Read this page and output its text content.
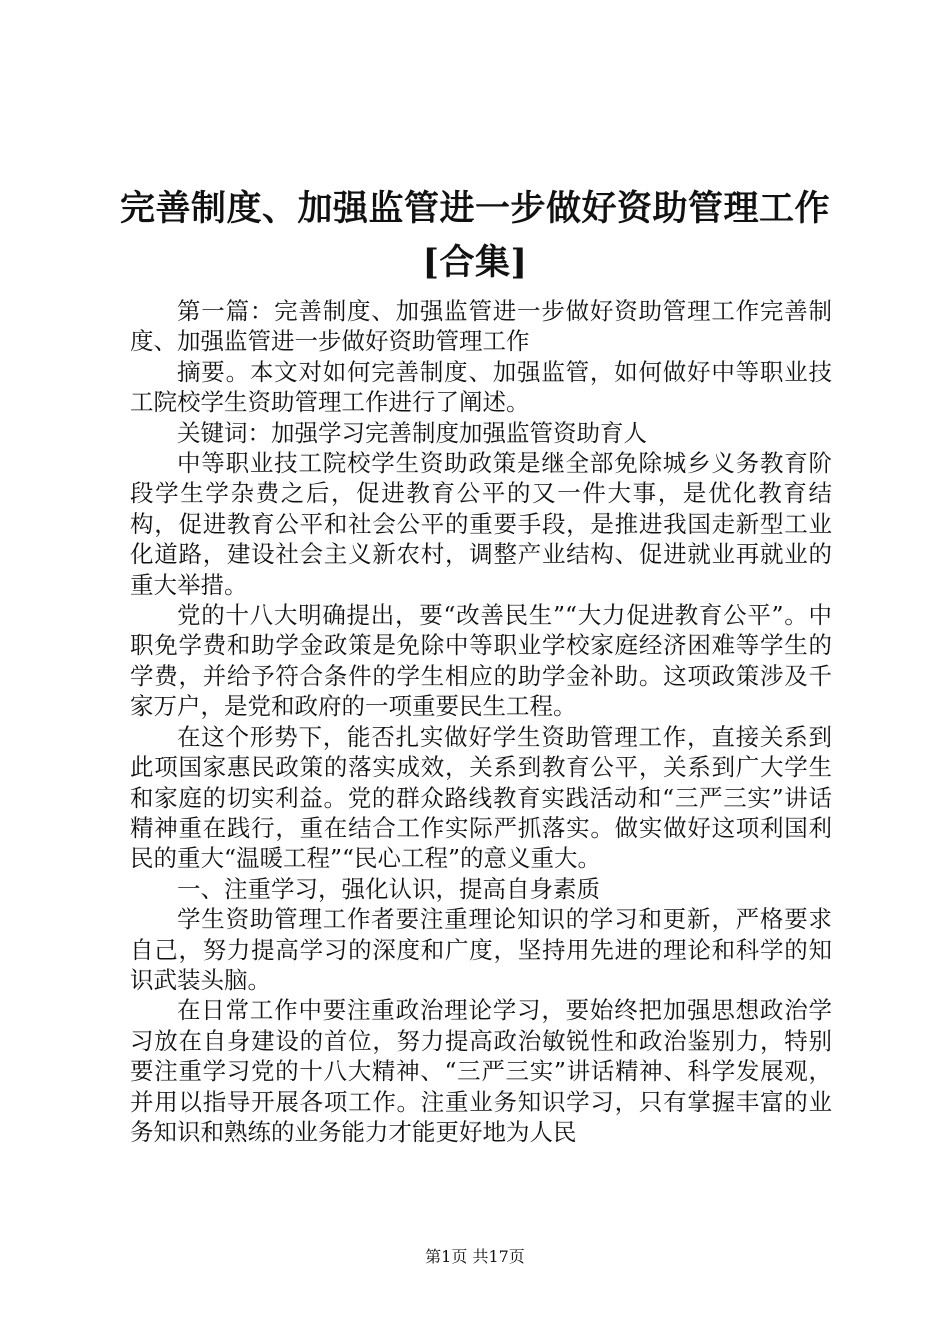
完善制度、加强监管进一步做好资助管理工作
[合集]

第一篇：完善制度、加强监管进一步做好资助管理工作完善制度、加强监管进一步做好资助管理工作

摘要。本文对如何完善制度、加强监管，如何做好中等职业技工院校学生资助管理工作进行了阐述。

关键词：加强学习完善制度加强监管资助育人

中等职业技工院校学生资助政策是继全部免除城乡义务教育阶段学生学杂费之后，促进教育公平的又一件大事，是优化教育结构，促进教育公平和社会公平的重要手段，是推进我国走新型工业化道路，建设社会主义新农村，调整产业结构、促进就业再就业的重大举措。

党的十八大明确提出，要“改善民生”“大力促进教育公平”。中职免学费和助学金政策是免除中等职业学校家庭经济困难等学生的学费，并给予符合条件的学生相应的助学金补助。这项政策涉及千家万户，是党和政府的一项重要民生工程。

在这个形势下，能否扎实做好学生资助管理工作，直接关系到此项国家惠民政策的落实成效，关系到教育公平，关系到广大学生和家庭的切实利益。党的群众路线教育实践活动和“三严三实”讲话精神重在践行，重在结合工作实际严抓落实。做实做好这项利国利民的重大“温暖工程”“民心工程”的意义重大。

一、注重学习，强化认识，提高自身素质

学生资助管理工作者要注重理论知识的学习和更新，严格要求自己，努力提高学习的深度和广度，坚持用先进的理论和科学的知识武装头脑。

在日常工作中要注重政治理论学习，要始终把加强思想政治学习放在自身建设的首位，努力提高政治敏锐性和政治鉴别力，特别要注重学习党的十八大精神、“三严三实”讲话精神、科学发展观，并用以指导开展各项工作。注重业务知识学习，只有掌握丰富的业务知识和熟练的业务能力才能更好地为人民

第1页 共17页
